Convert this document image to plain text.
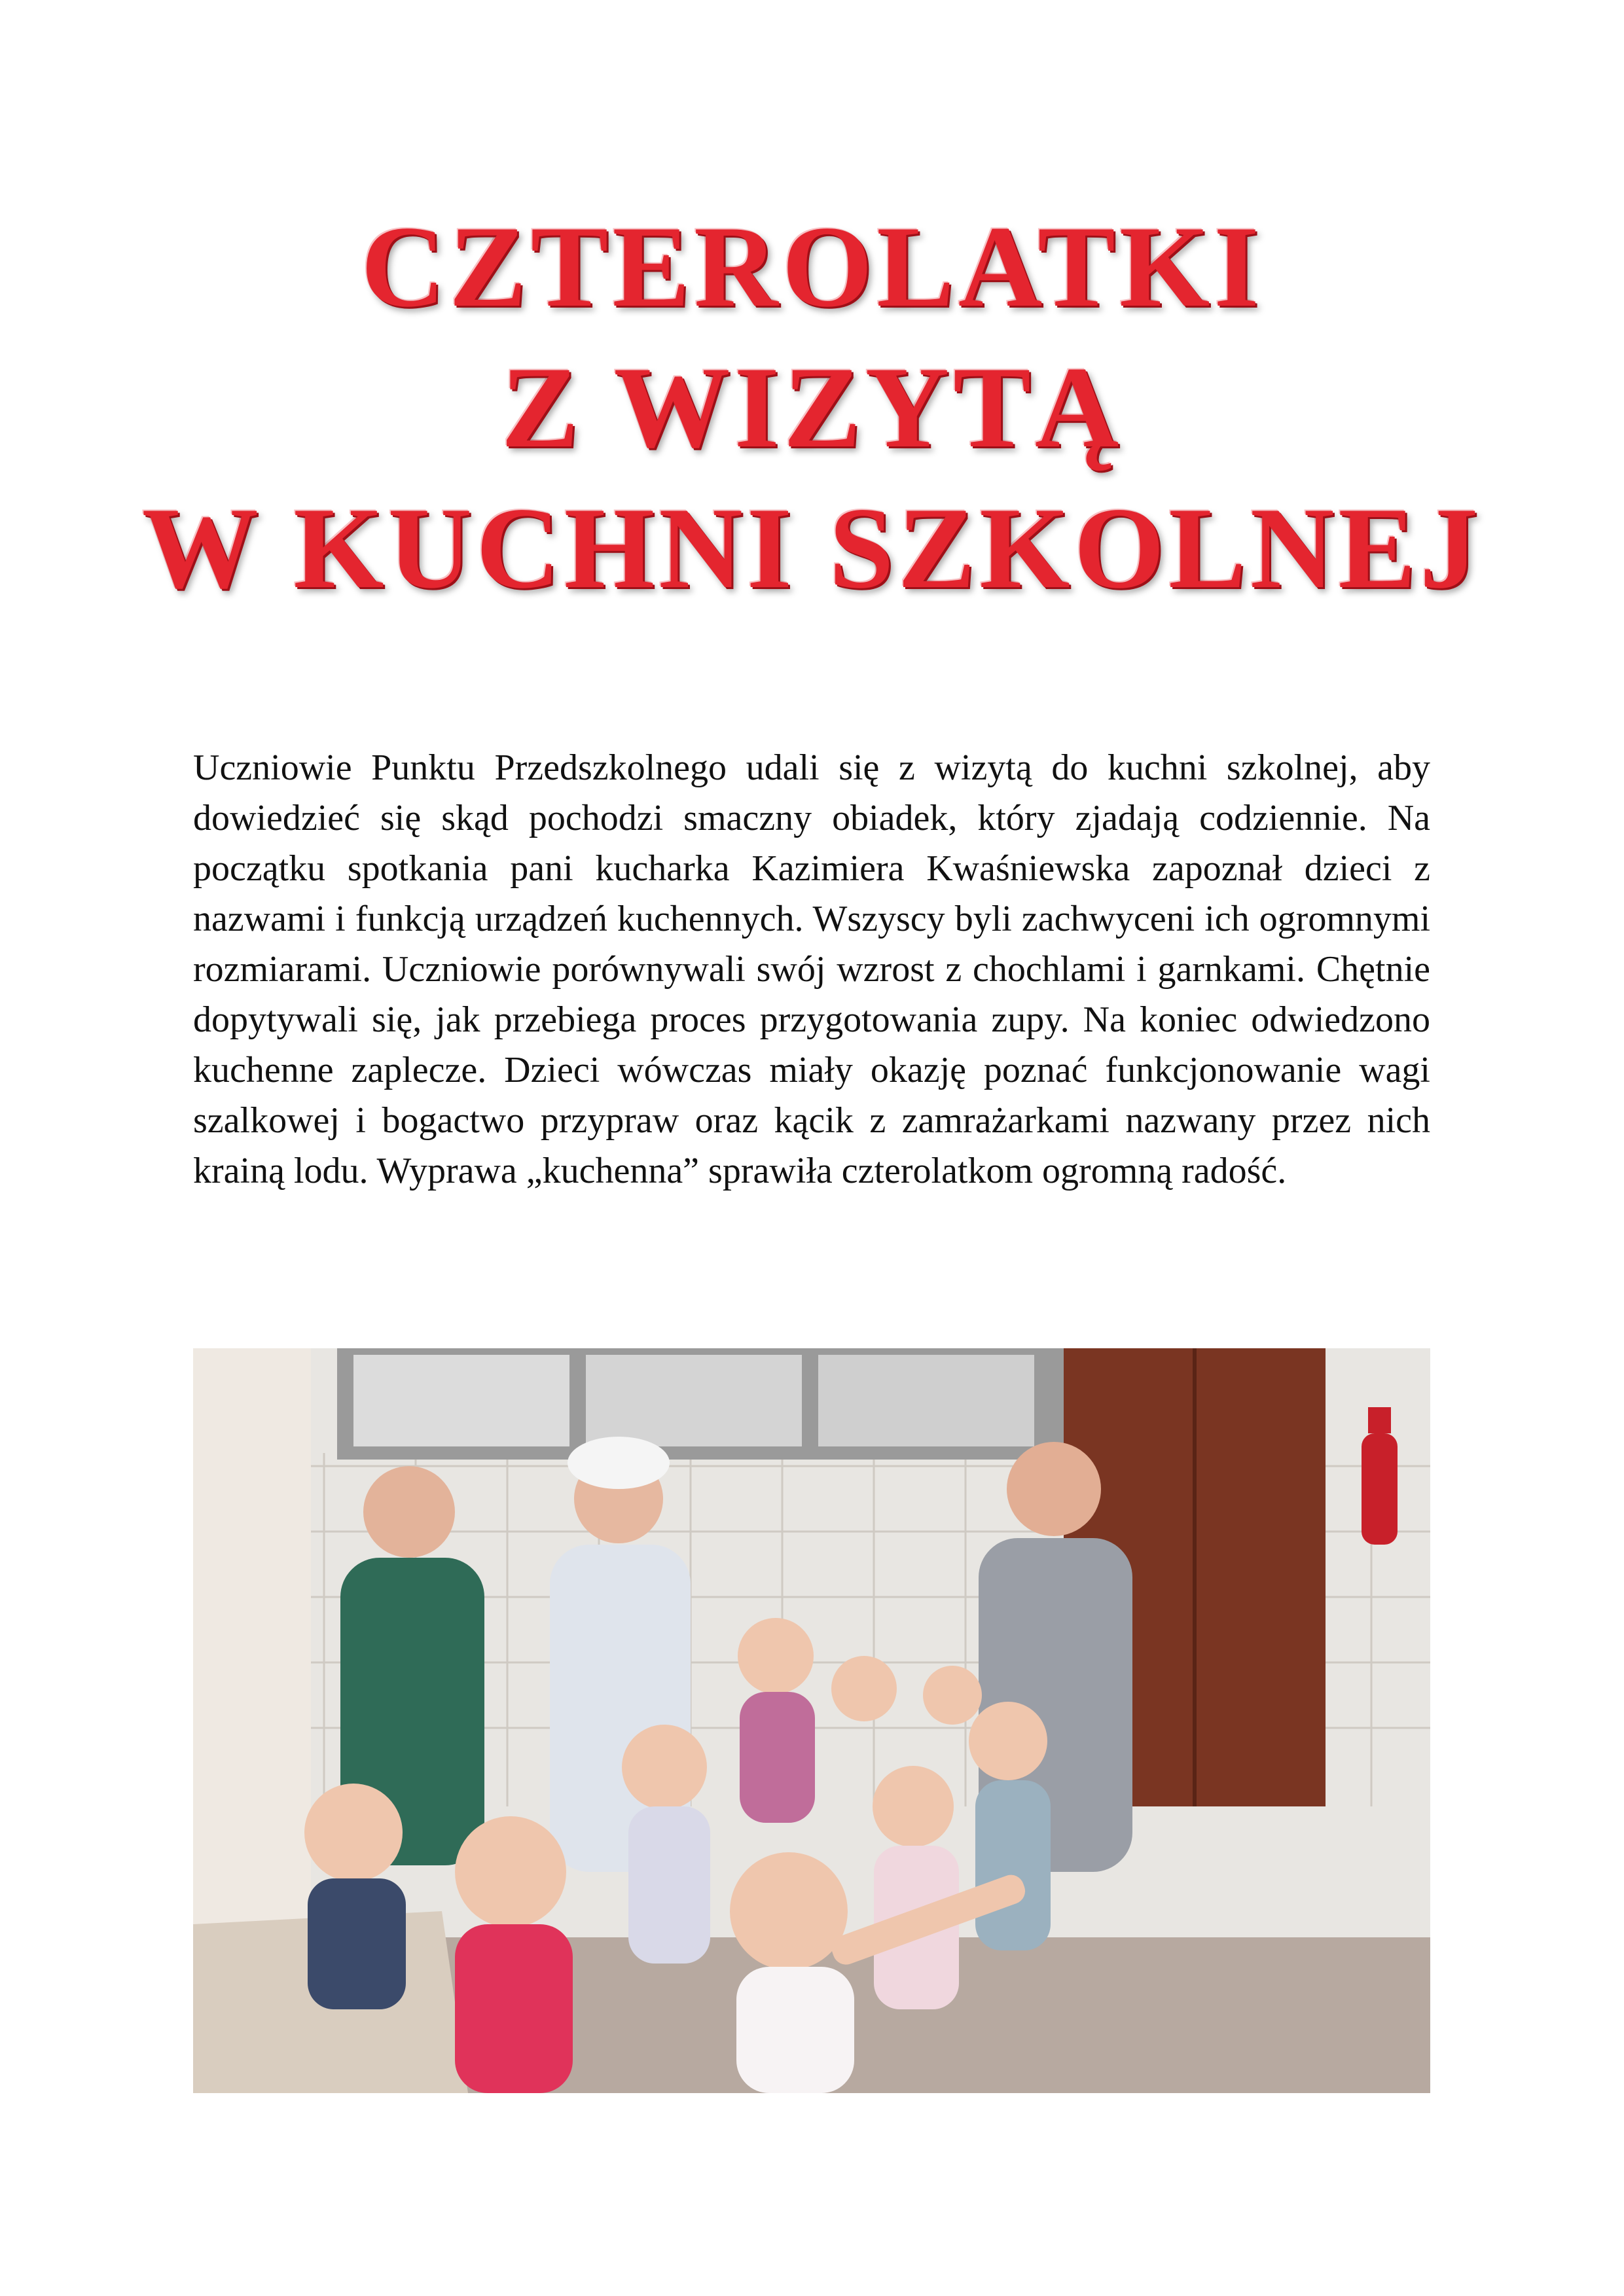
CZTEROLATKI
Z WIZYTĄ
W KUCHNI SZKOLNEJ

Uczniowie Punktu Przedszkolnego udali się z wizytą do kuchni szkolnej, aby dowiedzieć się skąd pochodzi smaczny obiadek, który zjadają codziennie. Na początku spotkania pani kucharka Kazimiera Kwaśniewska zapoznał dzieci z nazwami i funkcją urządzeń kuchennych. Wszyscy byli zachwyceni ich ogromnymi rozmiarami. Uczniowie porównywali swój wzrost z chochlami i garnkami. Chętnie dopytywali się, jak przebiega proces przygotowania zupy. Na koniec odwiedzono kuchenne zaplecze. Dzieci wówczas miały okazję poznać funkcjonowanie wagi szalkowej i bogactwo przypraw oraz kącik z zamrażarkami nazwany przez nich krainą lodu. Wyprawa „kuchenna” sprawiła czterolatkom ogromną radość.
